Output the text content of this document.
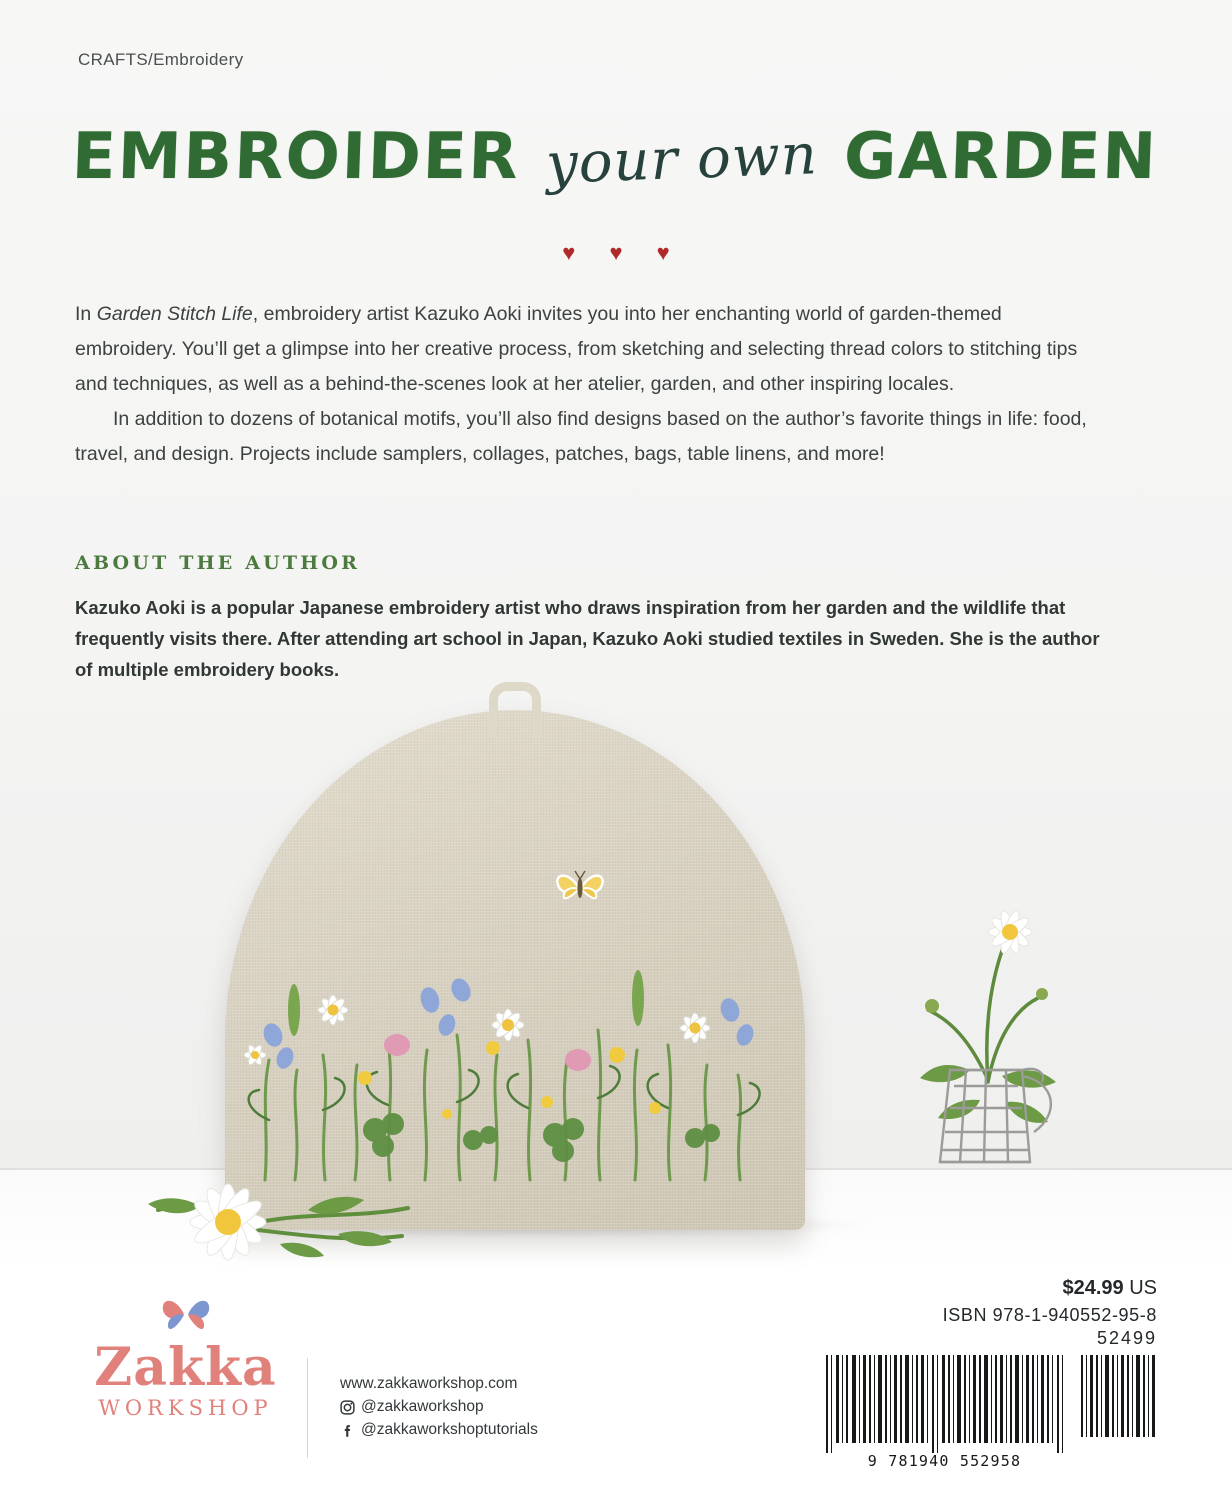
CRAFTS/Embroidery
EMBROIDER your own GARDEN
♥ ♥ ♥

In Garden Stitch Life, embroidery artist Kazuko Aoki invites you into her enchanting world of garden-themed embroidery. You’ll get a glimpse into her creative process, from sketching and selecting thread colors to stitching tips and techniques, as well as a behind-the-scenes look at her atelier, garden, and other inspiring locales.

In addition to dozens of botanical motifs, you’ll also find designs based on the author’s favorite things in life: food, travel, and design. Projects include samplers, collages, patches, bags, table linens, and more!

ABOUT THE AUTHOR
Kazuko Aoki is a popular Japanese embroidery artist who draws inspiration from her garden and the wildlife that frequently visits there. After attending art school in Japan, Kazuko Aoki studied textiles in Sweden. She is the author of multiple embroidery books.
Zakka
WORKSHOP
www.zakkaworkshop.com
@zakkaworkshop
@zakkaworkshoptutorials
$24.99 US
ISBN 978-1-940552-95-8
52499
9 781940 552958
